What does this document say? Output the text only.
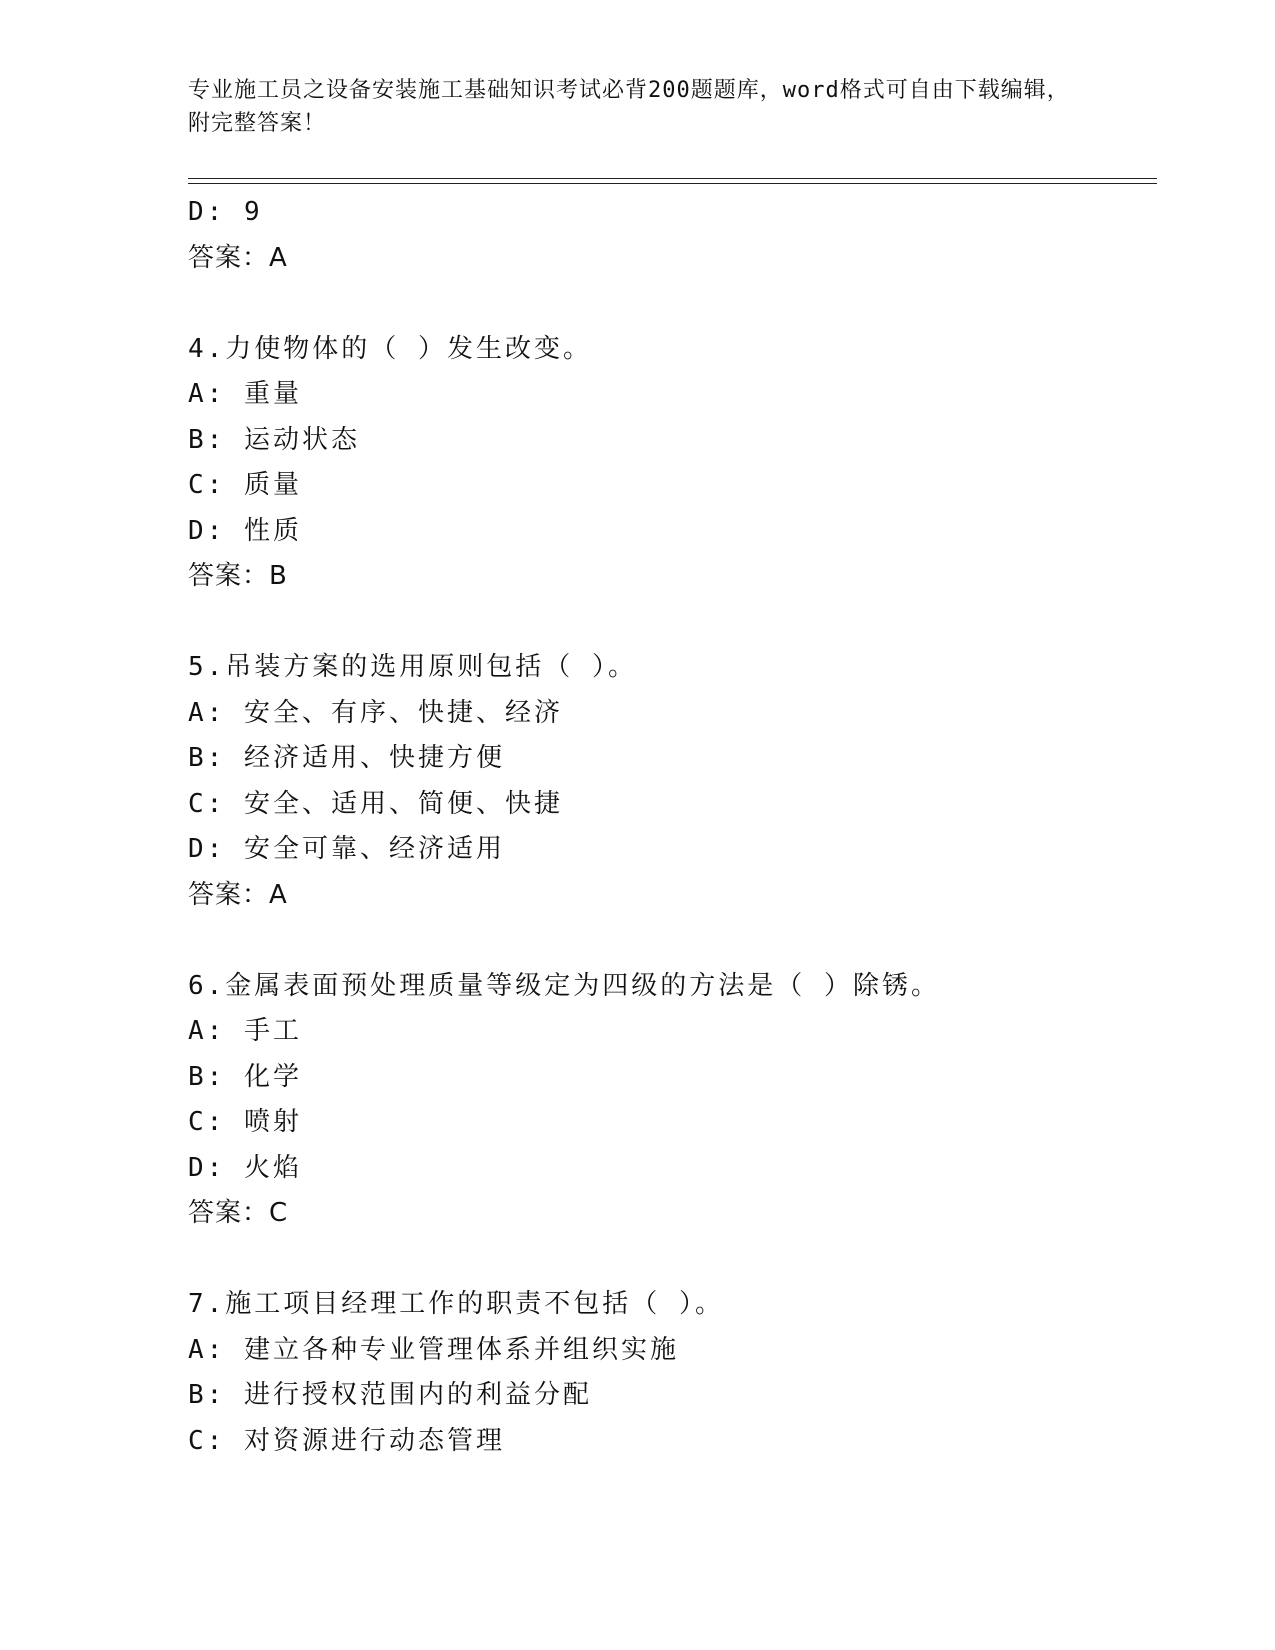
专业施工员之设备安装施工基础知识考试必背200题题库，word格式可自由下载编辑，附完整答案！
D: 9
答案：A
4.力使物体的（ ）发生改变。
A: 重量
B: 运动状态
C: 质量
D: 性质
答案：B
5.吊装方案的选用原则包括（ ）。
A: 安全、有序、快捷、经济
B: 经济适用、快捷方便
C: 安全、适用、简便、快捷
D: 安全可靠、经济适用
答案：A
6.金属表面预处理质量等级定为四级的方法是（ ）除锈。
A: 手工
B: 化学
C: 喷射
D: 火焰
答案：C
7.施工项目经理工作的职责不包括（ ）。
A: 建立各种专业管理体系并组织实施
B: 进行授权范围内的利益分配
C: 对资源进行动态管理
